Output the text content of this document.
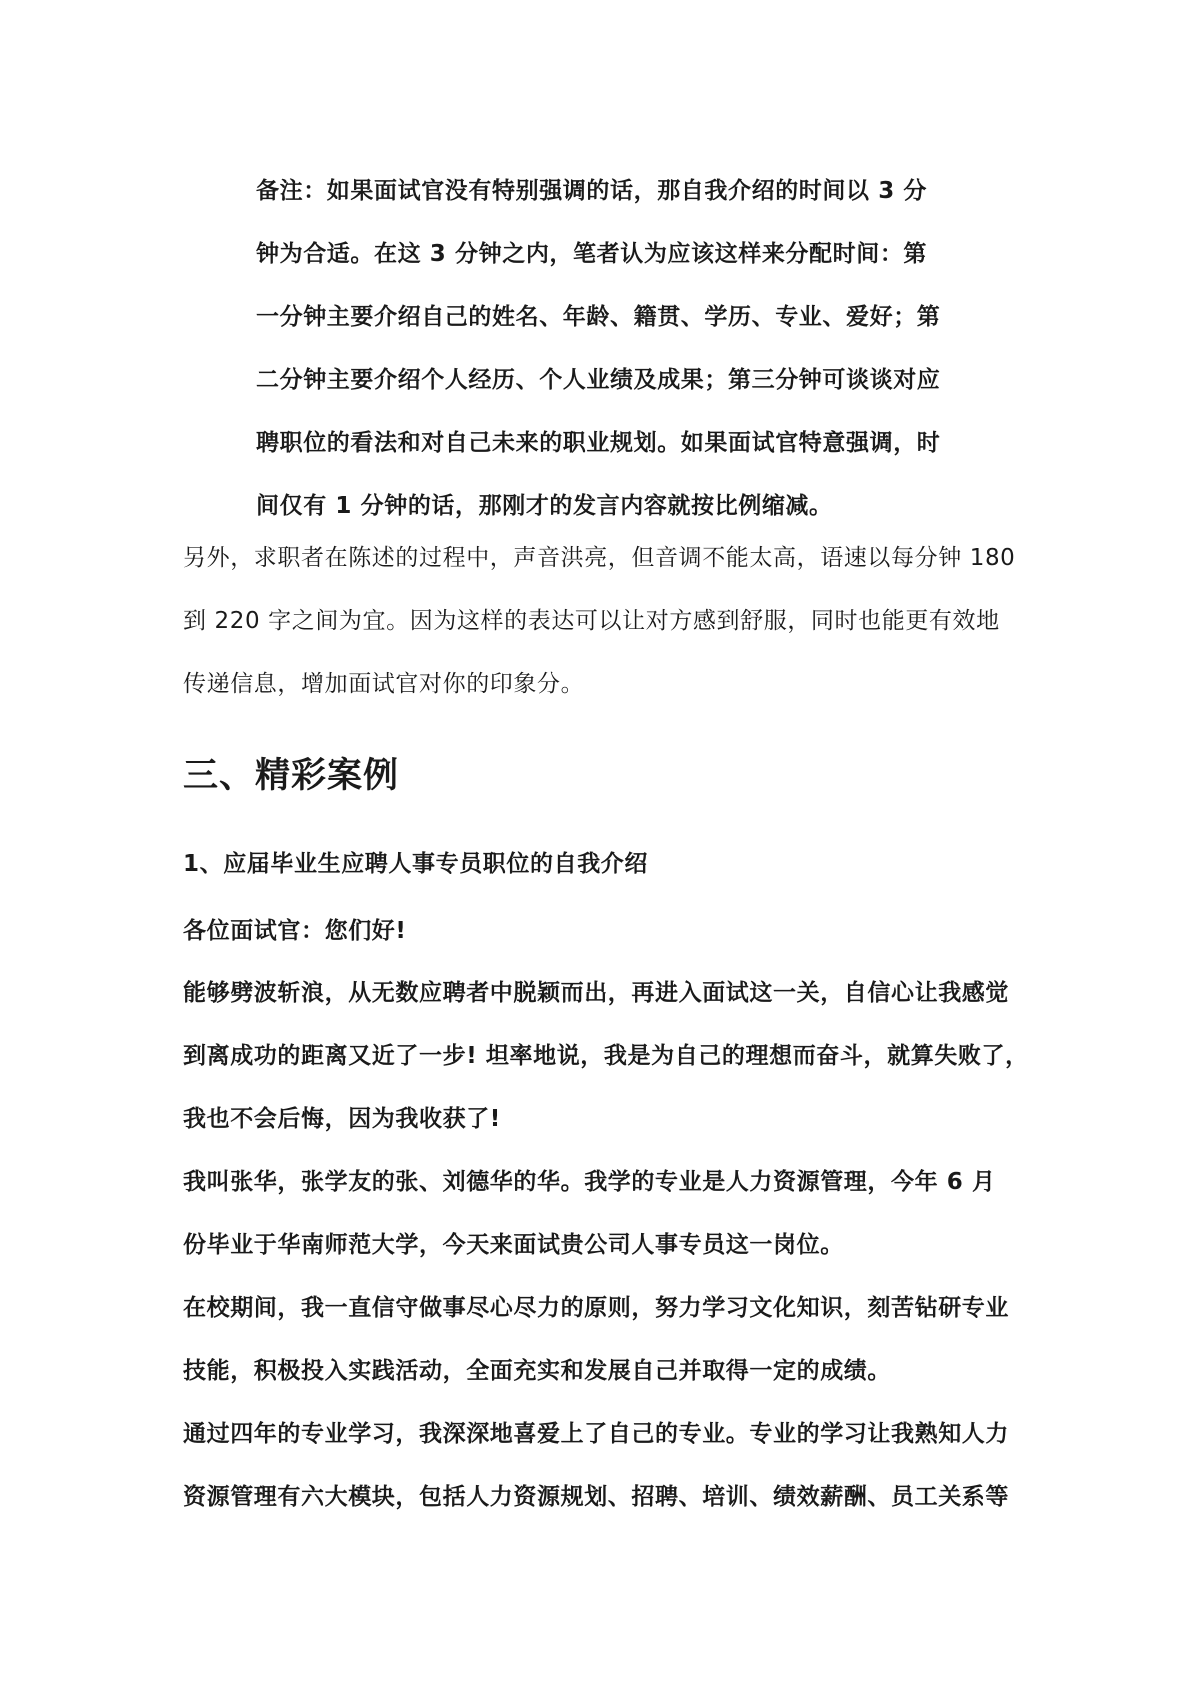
备注：如果面试官没有特别强调的话，那自我介绍的时间以 3 分
钟为合适。在这 3 分钟之内，笔者认为应该这样来分配时间：第
一分钟主要介绍自己的姓名、年龄、籍贯、学历、专业、爱好；第
二分钟主要介绍个人经历、个人业绩及成果；第三分钟可谈谈对应
聘职位的看法和对自己未来的职业规划。如果面试官特意强调，时
间仅有 1 分钟的话，那刚才的发言内容就按比例缩减。
另外，求职者在陈述的过程中，声音洪亮，但音调不能太高，语速以每分钟 180
到 220 字之间为宜。因为这样的表达可以让对方感到舒服，同时也能更有效地
传递信息，增加面试官对你的印象分。
三、精彩案例
1、应届毕业生应聘人事专员职位的自我介绍
各位面试官：您们好!
能够劈波斩浪，从无数应聘者中脱颖而出，再进入面试这一关，自信心让我感觉
到离成功的距离又近了一步! 坦率地说，我是为自己的理想而奋斗，就算失败了，
我也不会后悔，因为我收获了!
我叫张华，张学友的张、刘德华的华。我学的专业是人力资源管理，今年 6 月
份毕业于华南师范大学，今天来面试贵公司人事专员这一岗位。
在校期间，我一直信守做事尽心尽力的原则，努力学习文化知识，刻苦钻研专业
技能，积极投入实践活动，全面充实和发展自己并取得一定的成绩。
通过四年的专业学习，我深深地喜爱上了自己的专业。专业的学习让我熟知人力
资源管理有六大模块，包括人力资源规划、招聘、培训、绩效薪酬、员工关系等
